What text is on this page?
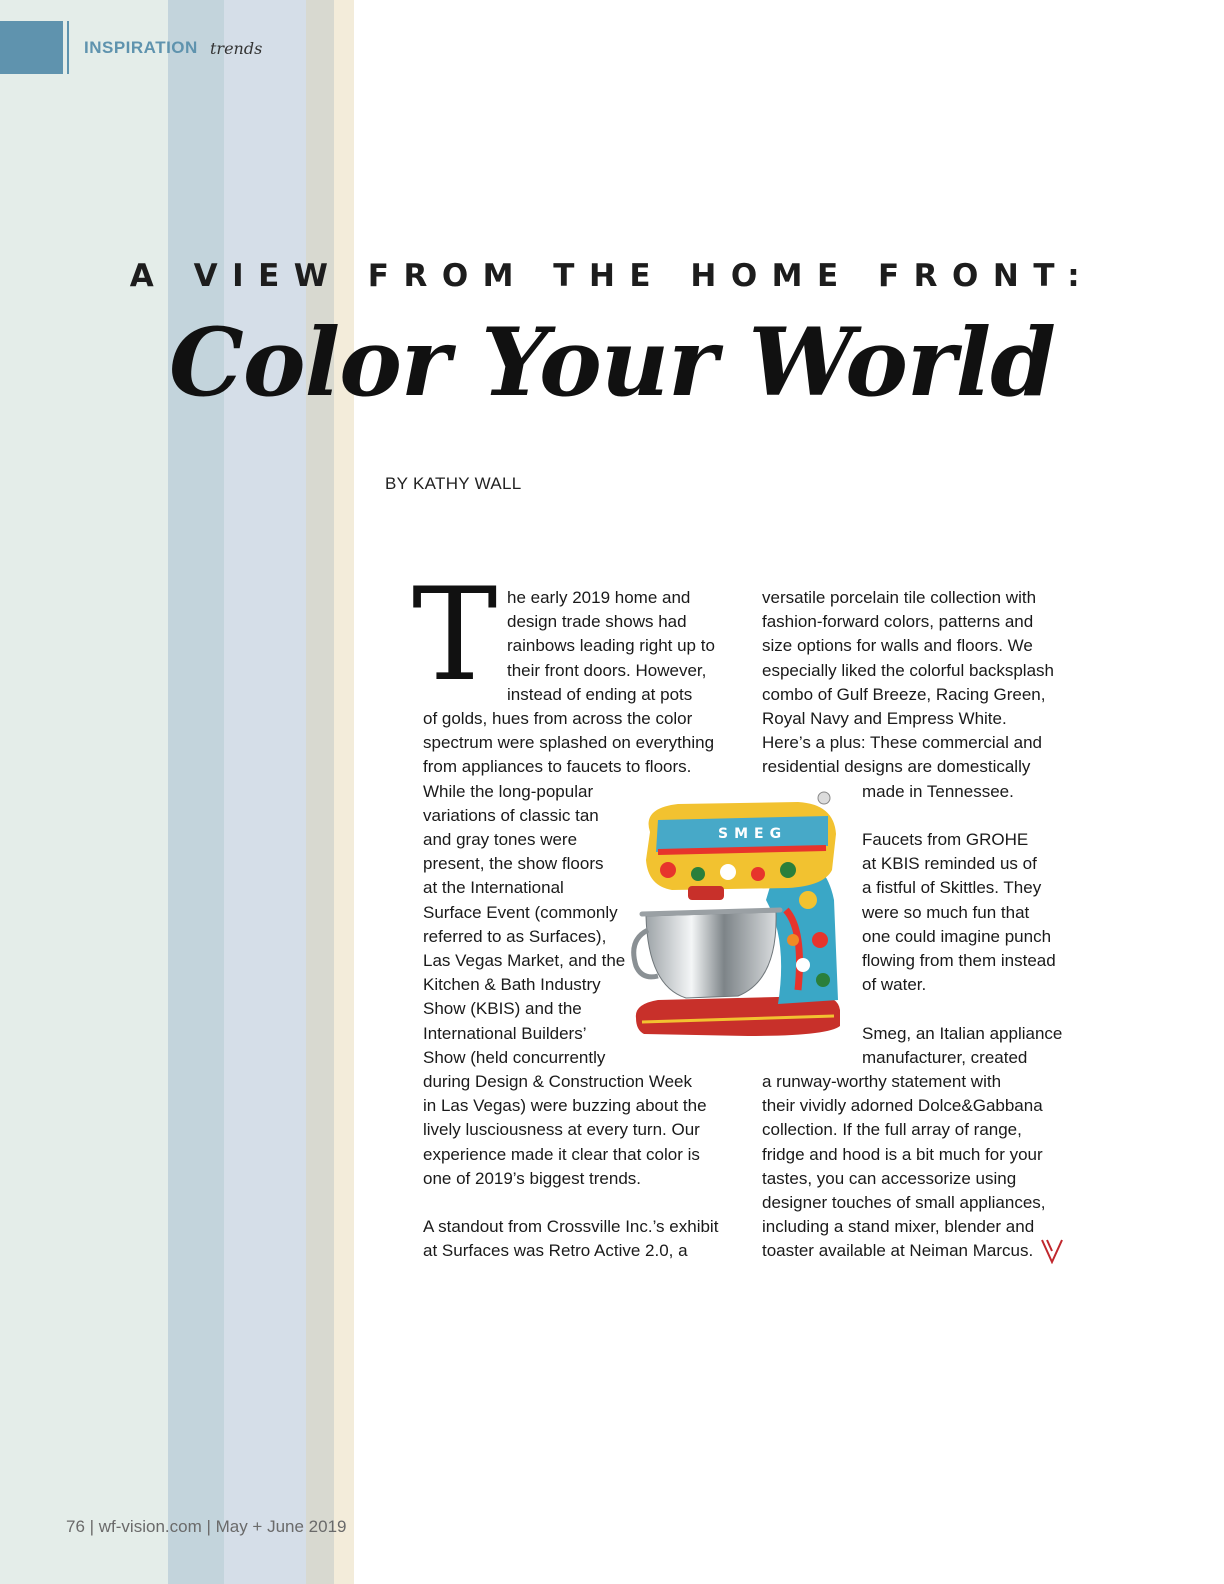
INSPIRATION trends
A VIEW FROM THE HOME FRONT:
Color Your World
BY KATHY WALL
T he early 2019 home and
design trade shows had
rainbows leading right up to
their front doors. However,
instead of ending at pots
of golds, hues from across the color
spectrum were splashed on everything
from appliances to faucets to floors.
While the long-popular
variations of classic tan
and gray tones were
present, the show floors
at the International
Surface Event (commonly
referred to as Surfaces),
Las Vegas Market, and the
Kitchen & Bath Industry
Show (KBIS) and the
International Builders’
Show (held concurrently
during Design & Construction Week
in Las Vegas) were buzzing about the
lively lusciousness at every turn. Our
experience made it clear that color is
one of 2019’s biggest trends.
A standout from Crossville Inc.’s exhibit
at Surfaces was Retro Active 2.0, a
versatile porcelain tile collection with
fashion-forward colors, patterns and
size options for walls and floors. We
especially liked the colorful backsplash
combo of Gulf Breeze, Racing Green,
Royal Navy and Empress White.
Here’s a plus: These commercial and
residential designs are domestically
made in Tennessee.
Faucets from GROHE
at KBIS reminded us of
a fistful of Skittles. They
were so much fun that
one could imagine punch
flowing from them instead
of water.
Smeg, an Italian appliance
manufacturer, created
a runway-worthy statement with
their vividly adorned Dolce&Gabbana
collection. If the full array of range,
fridge and hood is a bit much for your
tastes, you can accessorize using
designer touches of small appliances,
including a stand mixer, blender and
toaster available at Neiman Marcus.
SMEG
76 | wf-vision.com | May + June 2019
